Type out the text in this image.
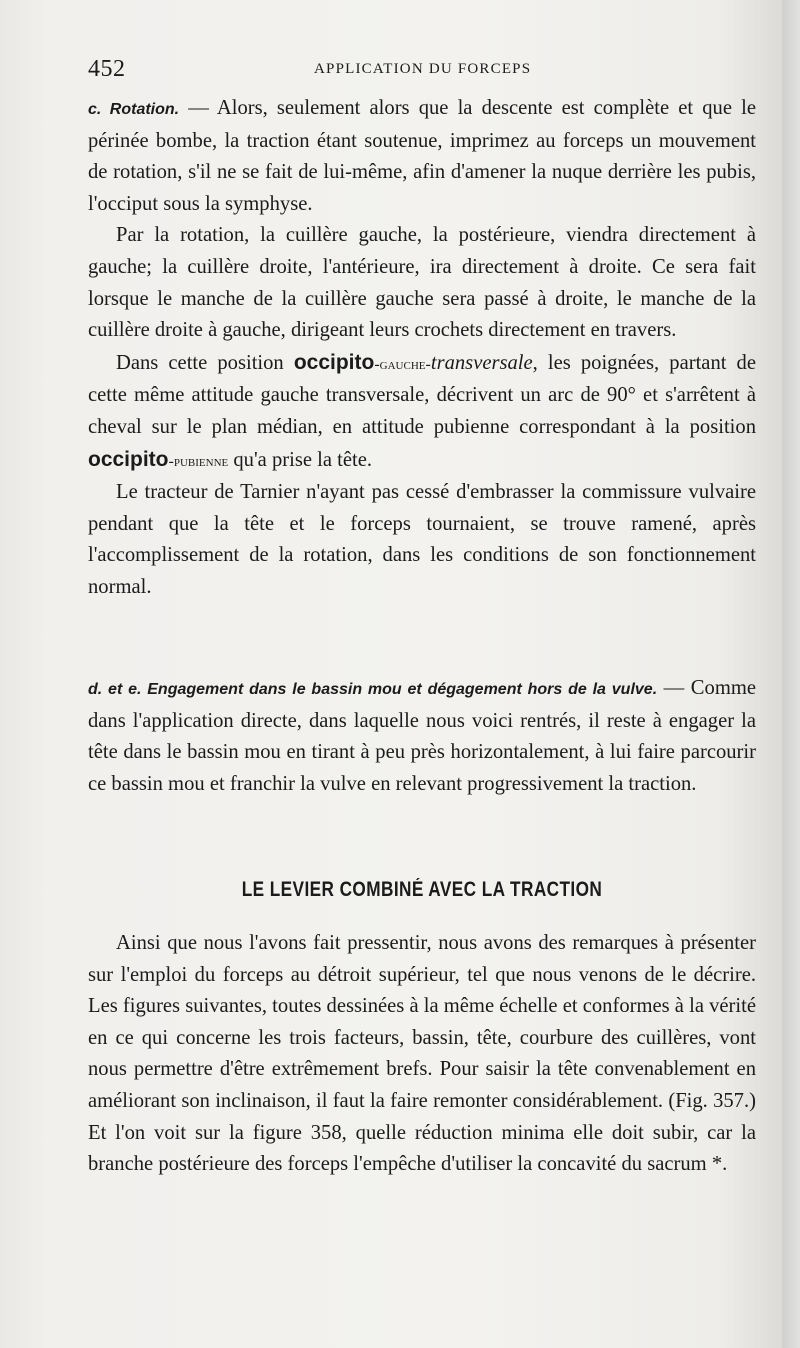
452	APPLICATION DU FORCEPS

c. Rotation. — Alors, seulement alors que la descente est complète et que le périnée bombe, la traction étant soutenue, imprimez au forceps un mouvement de rotation, s'il ne se fait de lui-même, afin d'amener la nuque derrière les pubis, l'occiput sous la symphyse.

Par la rotation, la cuillère gauche, la postérieure, viendra directement à gauche; la cuillère droite, l'antérieure, ira directement à droite. Ce sera fait lorsque le manche de la cuillère gauche sera passé à droite, le manche de la cuillère droite à gauche, dirigeant leurs crochets directement en travers.

Dans cette position occipito-gauche-transversale, les poignées, partant de cette même attitude gauche transversale, décrivent un arc de 90° et s'arrêtent à cheval sur le plan médian, en attitude pubienne correspondant à la position occipito-pubienne qu'a prise la tête.

Le tracteur de Tarnier n'ayant pas cessé d'embrasser la commissure vulvaire pendant que la tête et le forceps tournaient, se trouve ramené, après l'accomplissement de la rotation, dans les conditions de son fonctionnement normal.

d. et e. Engagement dans le bassin mou et dégagement hors de la vulve. — Comme dans l'application directe, dans laquelle nous voici rentrés, il reste à engager la tête dans le bassin mou en tirant à peu près horizontalement, à lui faire parcourir ce bassin mou et franchir la vulve en relevant progressivement la traction.

LE LEVIER COMBINÉ AVEC LA TRACTION

Ainsi que nous l'avons fait pressentir, nous avons des remarques à présenter sur l'emploi du forceps au détroit supérieur, tel que nous venons de le décrire. Les figures suivantes, toutes dessinées à la même échelle et conformes à la vérité en ce qui concerne les trois facteurs, bassin, tête, courbure des cuillères, vont nous permettre d'être extrêmement brefs. Pour saisir la tête convenablement en améliorant son inclinaison, il faut la faire remonter considérablement. (Fig. 357.) Et l'on voit sur la figure 358, quelle réduction minima elle doit subir, car la branche postérieure des forceps l'empêche d'utiliser la concavité du sacrum *.
